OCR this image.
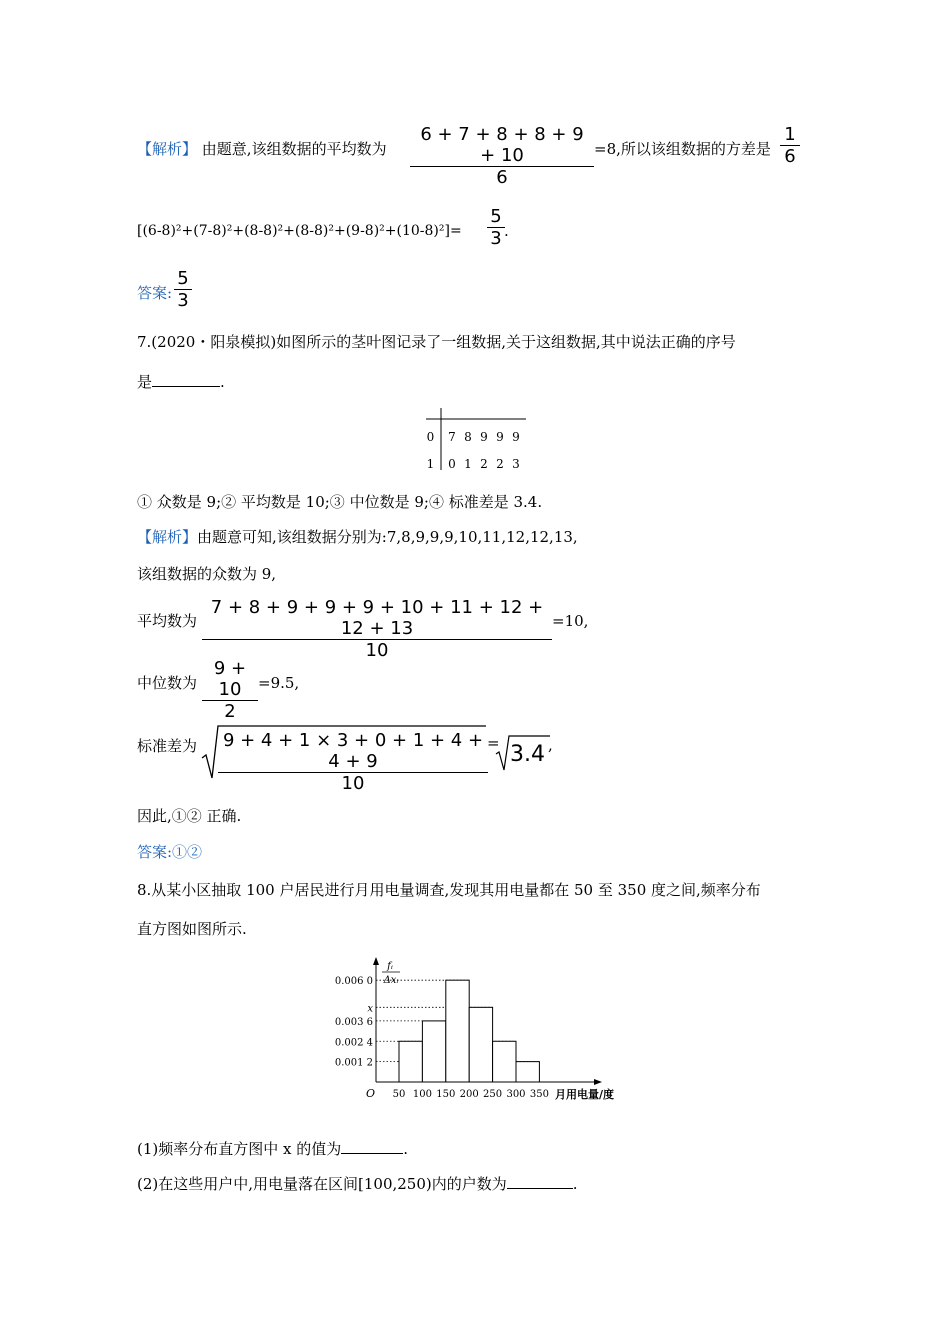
【解析】 由题意,该组数据的平均数为 $\frac{6 + 7 + 8 + 8 + 9 + 10}{6} =8$,所以该组数据的方差是 $\frac{1}{6}$
$[(6-8)^2+(7-8)^2+(8-8)^2+(8-8)^2+(9-8)^2+(10-8)^2]= \frac{5}{3}$ .
答案: $\frac{5}{3}$
7.(2020・阳泉模拟)如图所示的茎叶图记录了一组数据,关于这组数据,其中说法正确的序号
是	.
0 7 8 9 9 9
1 0 1 2 2 3
① 众数是 9;② 平均数是 10;③ 中位数是 9;④ 标准差是 3.4.
【解析】由题意可知,该组数据分别为:7,8,9,9,9,10,11,12,12,13,
该组数据的众数为 9,
平均数为 $\frac{7 + 8 + 9 + 9 + 9 + 10 + 11 + 12 + 12 + 13}{10} =10$,
中位数为 $\frac{9 + 10}{2} =9.5$,
标准差为 $\frac{9 + 4 + 1 \times 3 + 0 + 1 + 4 + 4 + 9}{10} = 3.4$ ,
因此,①② 正确.
答案:①②
8.从某小区抽取 100 户居民进行月用电量调查,发现其用电量都在 50 至 350 度之间,频率分布
直方图如图所示.
0.001 2
0.002 4
0.003 6
x
0.006 0
50 100 150 200 250 300 350
O	月用电量/度
fᵢ
Δxᵢ
(1)频率分布直方图中 x 的值为	.
(2)在这些用户中,用电量落在区间[100,250)内的户数为	.
